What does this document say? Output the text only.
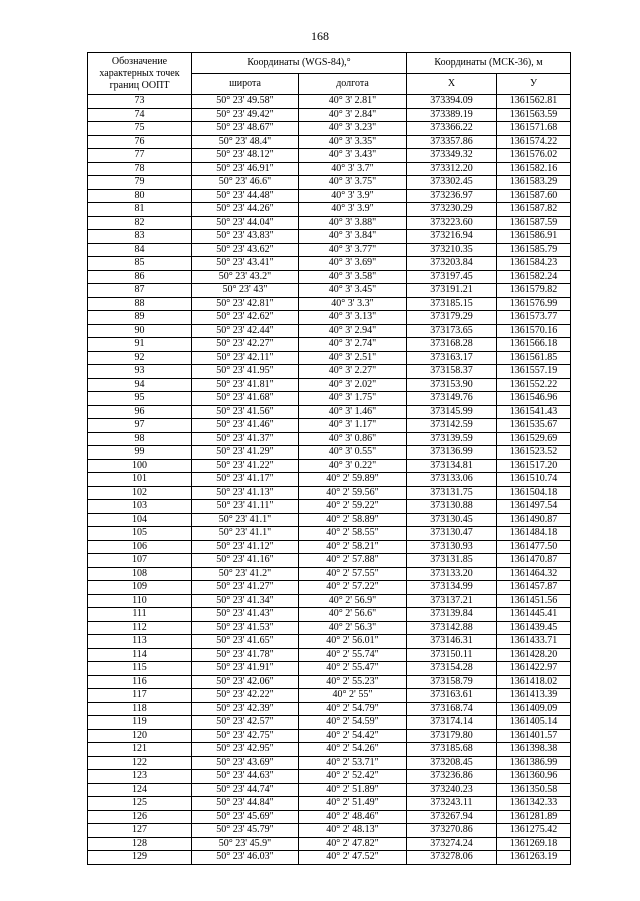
168
Обозначение характерных точек границ ООПТ	Координаты (WGS-84),°		Координаты (МСК-36), м	
	широта	долгота	X	У
73	50° 23' 49.58"	40° 3' 2.81"	373394.09	1361562.81
74	50° 23' 49.42"	40° 3' 2.84"	373389.19	1361563.59
75	50° 23' 48.67"	40° 3' 3.23"	373366.22	1361571.68
76	50° 23' 48.4"	40° 3' 3.35"	373357.86	1361574.22
77	50° 23' 48.12"	40° 3' 3.43"	373349.32	1361576.02
78	50° 23' 46.91"	40° 3' 3.7"	373312.20	1361582.16
79	50° 23' 46.6"	40° 3' 3.75"	373302.45	1361583.29
80	50° 23' 44.48"	40° 3' 3.9"	373236.97	1361587.60
81	50° 23' 44.26"	40° 3' 3.9"	373230.29	1361587.82
82	50° 23' 44.04"	40° 3' 3.88"	373223.60	1361587.59
83	50° 23' 43.83"	40° 3' 3.84"	373216.94	1361586.91
84	50° 23' 43.62"	40° 3' 3.77"	373210.35	1361585.79
85	50° 23' 43.41"	40° 3' 3.69"	373203.84	1361584.23
86	50° 23' 43.2"	40° 3' 3.58"	373197.45	1361582.24
87	50° 23' 43"	40° 3' 3.45"	373191.21	1361579.82
88	50° 23' 42.81"	40° 3' 3.3"	373185.15	1361576.99
89	50° 23' 42.62"	40° 3' 3.13"	373179.29	1361573.77
90	50° 23' 42.44"	40° 3' 2.94"	373173.65	1361570.16
91	50° 23' 42.27"	40° 3' 2.74"	373168.28	1361566.18
92	50° 23' 42.11"	40° 3' 2.51"	373163.17	1361561.85
93	50° 23' 41.95"	40° 3' 2.27"	373158.37	1361557.19
94	50° 23' 41.81"	40° 3' 2.02"	373153.90	1361552.22
95	50° 23' 41.68"	40° 3' 1.75"	373149.76	1361546.96
96	50° 23' 41.56"	40° 3' 1.46"	373145.99	1361541.43
97	50° 23' 41.46"	40° 3' 1.17"	373142.59	1361535.67
98	50° 23' 41.37"	40° 3' 0.86"	373139.59	1361529.69
99	50° 23' 41.29"	40° 3' 0.55"	373136.99	1361523.52
100	50° 23' 41.22"	40° 3' 0.22"	373134.81	1361517.20
101	50° 23' 41.17"	40° 2' 59.89"	373133.06	1361510.74
102	50° 23' 41.13"	40° 2' 59.56"	373131.75	1361504.18
103	50° 23' 41.11"	40° 2' 59.22"	373130.88	1361497.54
104	50° 23' 41.1"	40° 2' 58.89"	373130.45	1361490.87
105	50° 23' 41.1"	40° 2' 58.55"	373130.47	1361484.18
106	50° 23' 41.12"	40° 2' 58.21"	373130.93	1361477.50
107	50° 23' 41.16"	40° 2' 57.88"	373131.85	1361470.87
108	50° 23' 41.2"	40° 2' 57.55"	373133.20	1361464.32
109	50° 23' 41.27"	40° 2' 57.22"	373134.99	1361457.87
110	50° 23' 41.34"	40° 2' 56.9"	373137.21	1361451.56
111	50° 23' 41.43"	40° 2' 56.6"	373139.84	1361445.41
112	50° 23' 41.53"	40° 2' 56.3"	373142.88	1361439.45
113	50° 23' 41.65"	40° 2' 56.01"	373146.31	1361433.71
114	50° 23' 41.78"	40° 2' 55.74"	373150.11	1361428.20
115	50° 23' 41.91"	40° 2' 55.47"	373154.28	1361422.97
116	50° 23' 42.06"	40° 2' 55.23"	373158.79	1361418.02
117	50° 23' 42.22"	40° 2' 55"	373163.61	1361413.39
118	50° 23' 42.39"	40° 2' 54.79"	373168.74	1361409.09
119	50° 23' 42.57"	40° 2' 54.59"	373174.14	1361405.14
120	50° 23' 42.75"	40° 2' 54.42"	373179.80	1361401.57
121	50° 23' 42.95"	40° 2' 54.26"	373185.68	1361398.38
122	50° 23' 43.69"	40° 2' 53.71"	373208.45	1361386.99
123	50° 23' 44.63"	40° 2' 52.42"	373236.86	1361360.96
124	50° 23' 44.74"	40° 2' 51.89"	373240.23	1361350.58
125	50° 23' 44.84"	40° 2' 51.49"	373243.11	1361342.33
126	50° 23' 45.69"	40° 2' 48.46"	373267.94	1361281.89
127	50° 23' 45.79"	40° 2' 48.13"	373270.86	1361275.42
128	50° 23' 45.9"	40° 2' 47.82"	373274.24	1361269.18
129	50° 23' 46.03"	40° 2' 47.52"	373278.06	1361263.19
